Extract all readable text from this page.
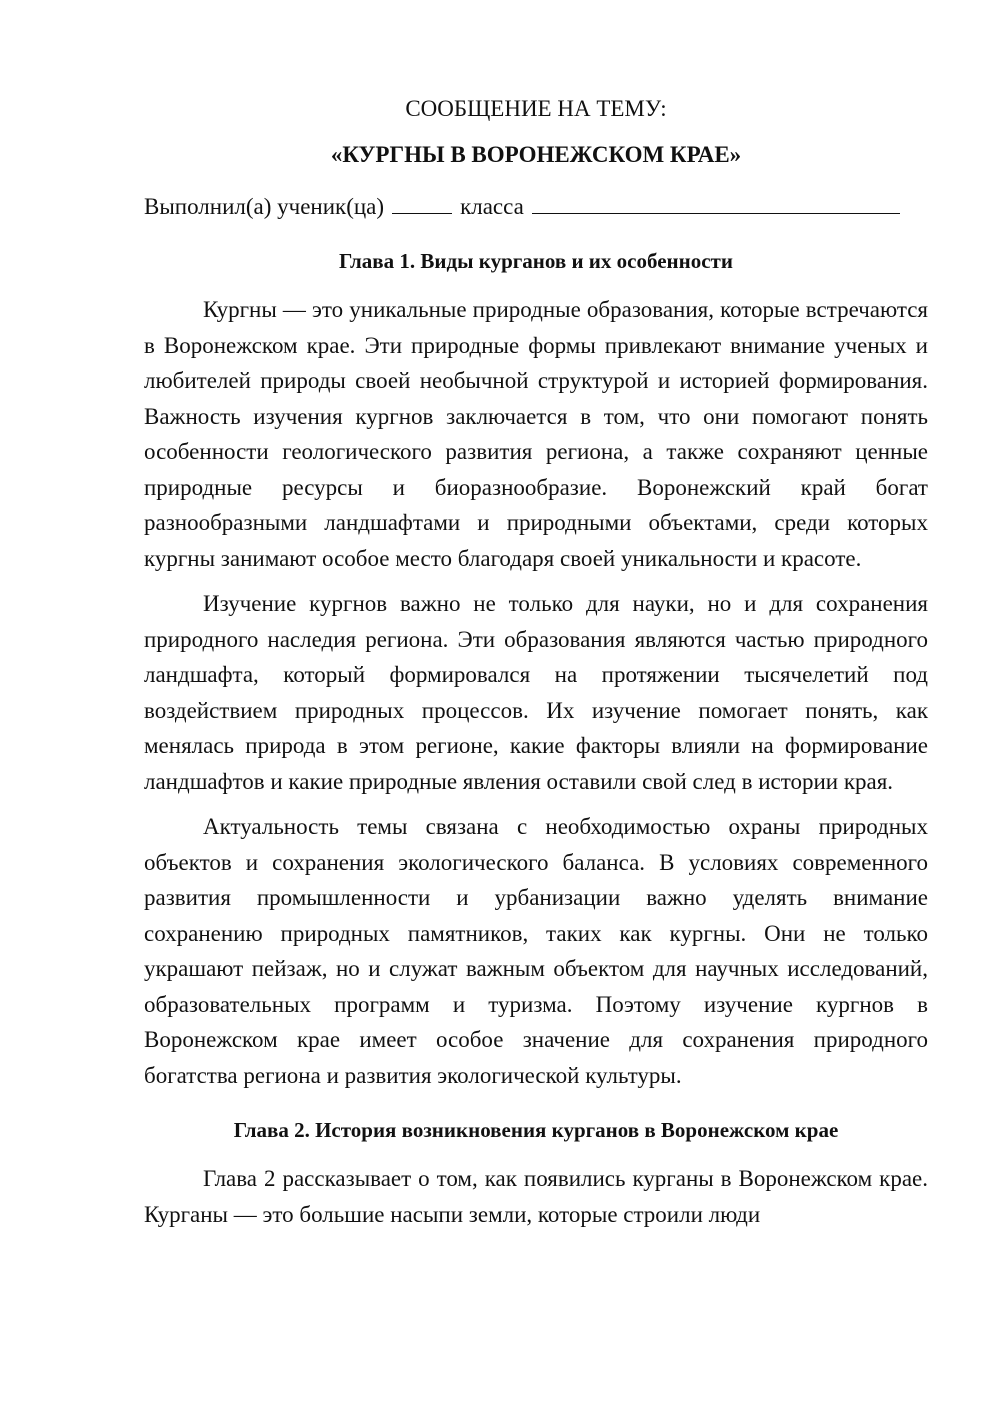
СООБЩЕНИЕ НА ТЕМУ:

«КУРГНЫ В ВОРОНЕЖСКОМ КРАЕ»

Выполнил(а) ученик(ца)	класса
Глава 1. Виды курганов и их особенности

Кургны — это уникальные природные образования, которые встречаются в Воронежском крае. Эти природные формы привлекают внимание ученых и любителей природы своей необычной структурой и историей формирования. Важность изучения кургнов заключается в том, что они помогают понять особенности геологического развития региона, а также сохраняют ценные природные ресурсы и биоразнообразие. Воронежский край богат разнообразными ландшафтами и природными объектами, среди которых кургны занимают особое место благодаря своей уникальности и красоте.

Изучение кургнов важно не только для науки, но и для сохранения природного наследия региона. Эти образования являются частью природного ландшафта, который формировался на протяжении тысячелетий под воздействием природных процессов. Их изучение помогает понять, как менялась природа в этом регионе, какие факторы влияли на формирование ландшафтов и какие природные явления оставили свой след в истории края.

Актуальность темы связана с необходимостью охраны природных объектов и сохранения экологического баланса. В условиях современного развития промышленности и урбанизации важно уделять внимание сохранению природных памятников, таких как кургны. Они не только украшают пейзаж, но и служат важным объектом для научных исследований, образовательных программ и туризма. Поэтому изучение кургнов в Воронежском крае имеет особое значение для сохранения природного богатства региона и развития экологической культуры.

Глава 2. История возникновения курганов в Воронежском крае

Глава 2 рассказывает о том, как появились курганы в Воронежском крае. Курганы — это большие насыпи земли, которые строили люди
